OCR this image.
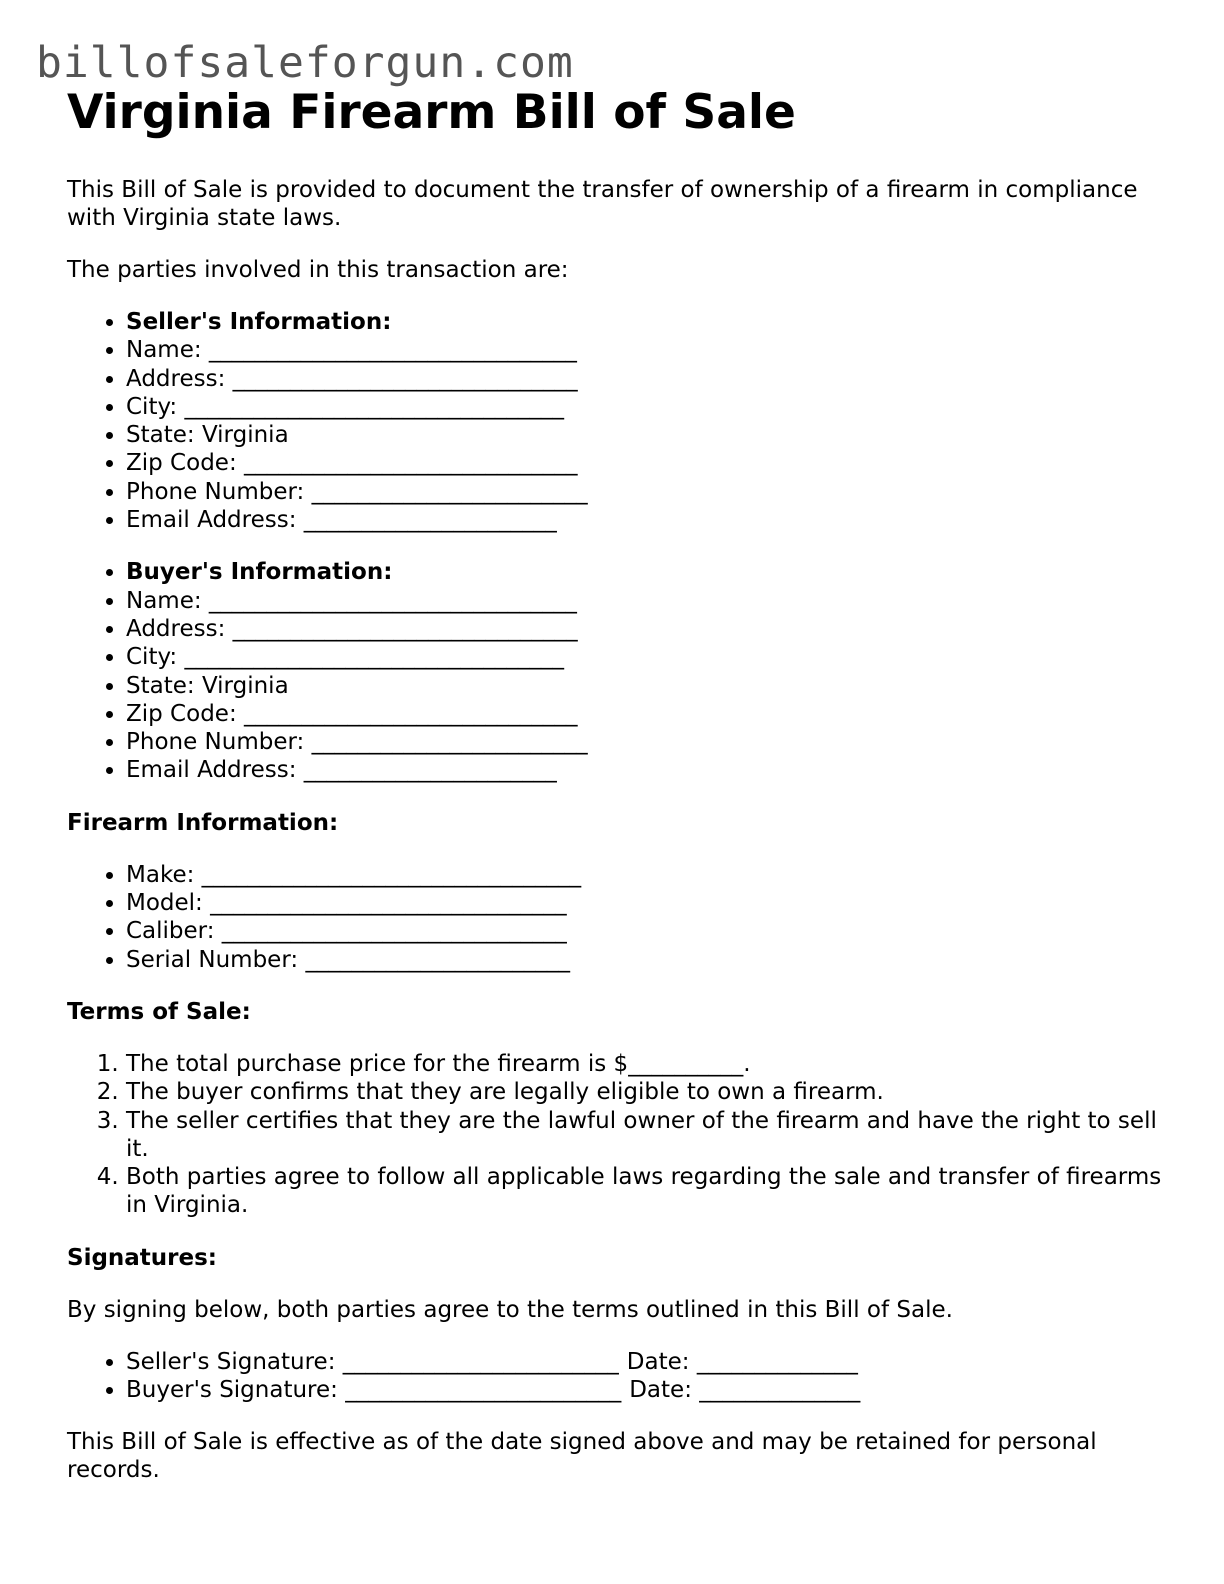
billofsaleforgun.com
Virginia Firearm Bill of Sale

This Bill of Sale is provided to document the transfer of ownership of a firearm in compliance with Virginia state laws.

The parties involved in this transaction are:

• Seller's Information:
• Name: ________________________________
• Address: ______________________________
• City: _________________________________
• State: Virginia
• Zip Code: _____________________________
• Phone Number: ________________________
• Email Address: ______________________
• Buyer's Information:
• Name: ________________________________
• Address: ______________________________
• City: _________________________________
• State: Virginia
• Zip Code: _____________________________
• Phone Number: ________________________
• Email Address: ______________________

Firearm Information:

• Make: _________________________________
• Model: _______________________________
• Caliber: ______________________________
• Serial Number: _______________________

Terms of Sale:

1. The total purchase price for the firearm is $__________.
2. The buyer confirms that they are legally eligible to own a firearm.
3. The seller certifies that they are the lawful owner of the firearm and have the right to sell it.
4. Both parties agree to follow all applicable laws regarding the sale and transfer of firearms in Virginia.

Signatures:

By signing below, both parties agree to the terms outlined in this Bill of Sale.

• Seller's Signature: ________________________ Date: ______________
• Buyer's Signature: ________________________ Date: ______________

This Bill of Sale is effective as of the date signed above and may be retained for personal records.
